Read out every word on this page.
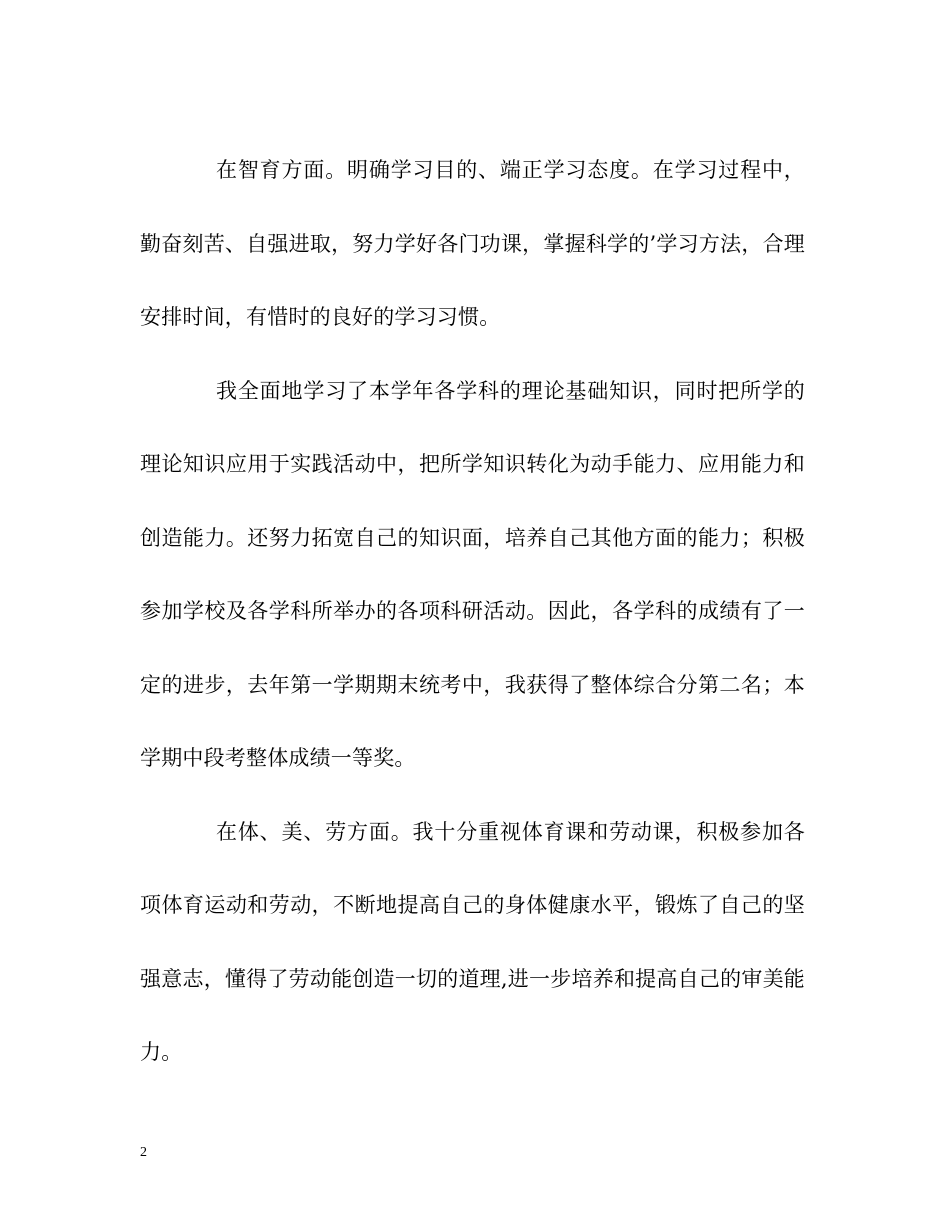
在智育方面。明确学习目的、端正学习态度。在学习过程中，勤奋刻苦、自强进取，努力学好各门功课，掌握科学的’学习方法，合理安排时间，有惜时的良好的学习习惯。

我全面地学习了本学年各学科的理论基础知识，同时把所学的理论知识应用于实践活动中，把所学知识转化为动手能力、应用能力和创造能力。还努力拓宽自己的知识面，培养自己其他方面的能力；积极参加学校及各学科所举办的各项科研活动。因此，各学科的成绩有了一定的进步，去年第一学期期末统考中，我获得了整体综合分第二名；本学期中段考整体成绩一等奖。

在体、美、劳方面。我十分重视体育课和劳动课，积极参加各项体育运动和劳动，不断地提高自己的身体健康水平，锻炼了自己的坚强意志，懂得了劳动能创造一切的道理,进一步培养和提高自己的审美能力。

2
